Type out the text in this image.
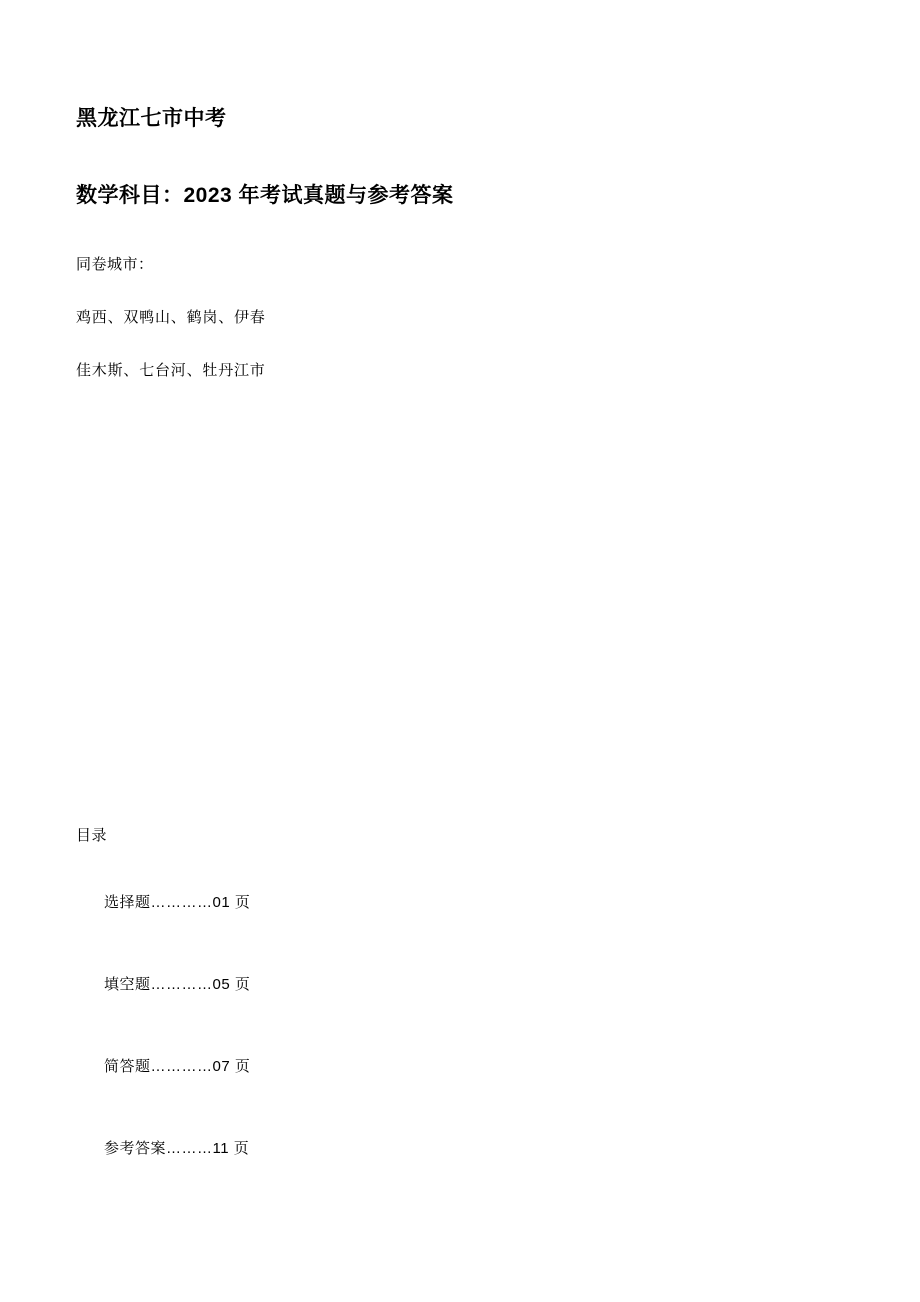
黑龙江七市中考
数学科目：2023 年考试真题与参考答案
同卷城市：
鸡西、双鸭山、鹤岗、伊春
佳木斯、七台河、牡丹江市
目录

选择题…………01 页

填空题…………05 页

简答题…………07 页

参考答案………11 页
